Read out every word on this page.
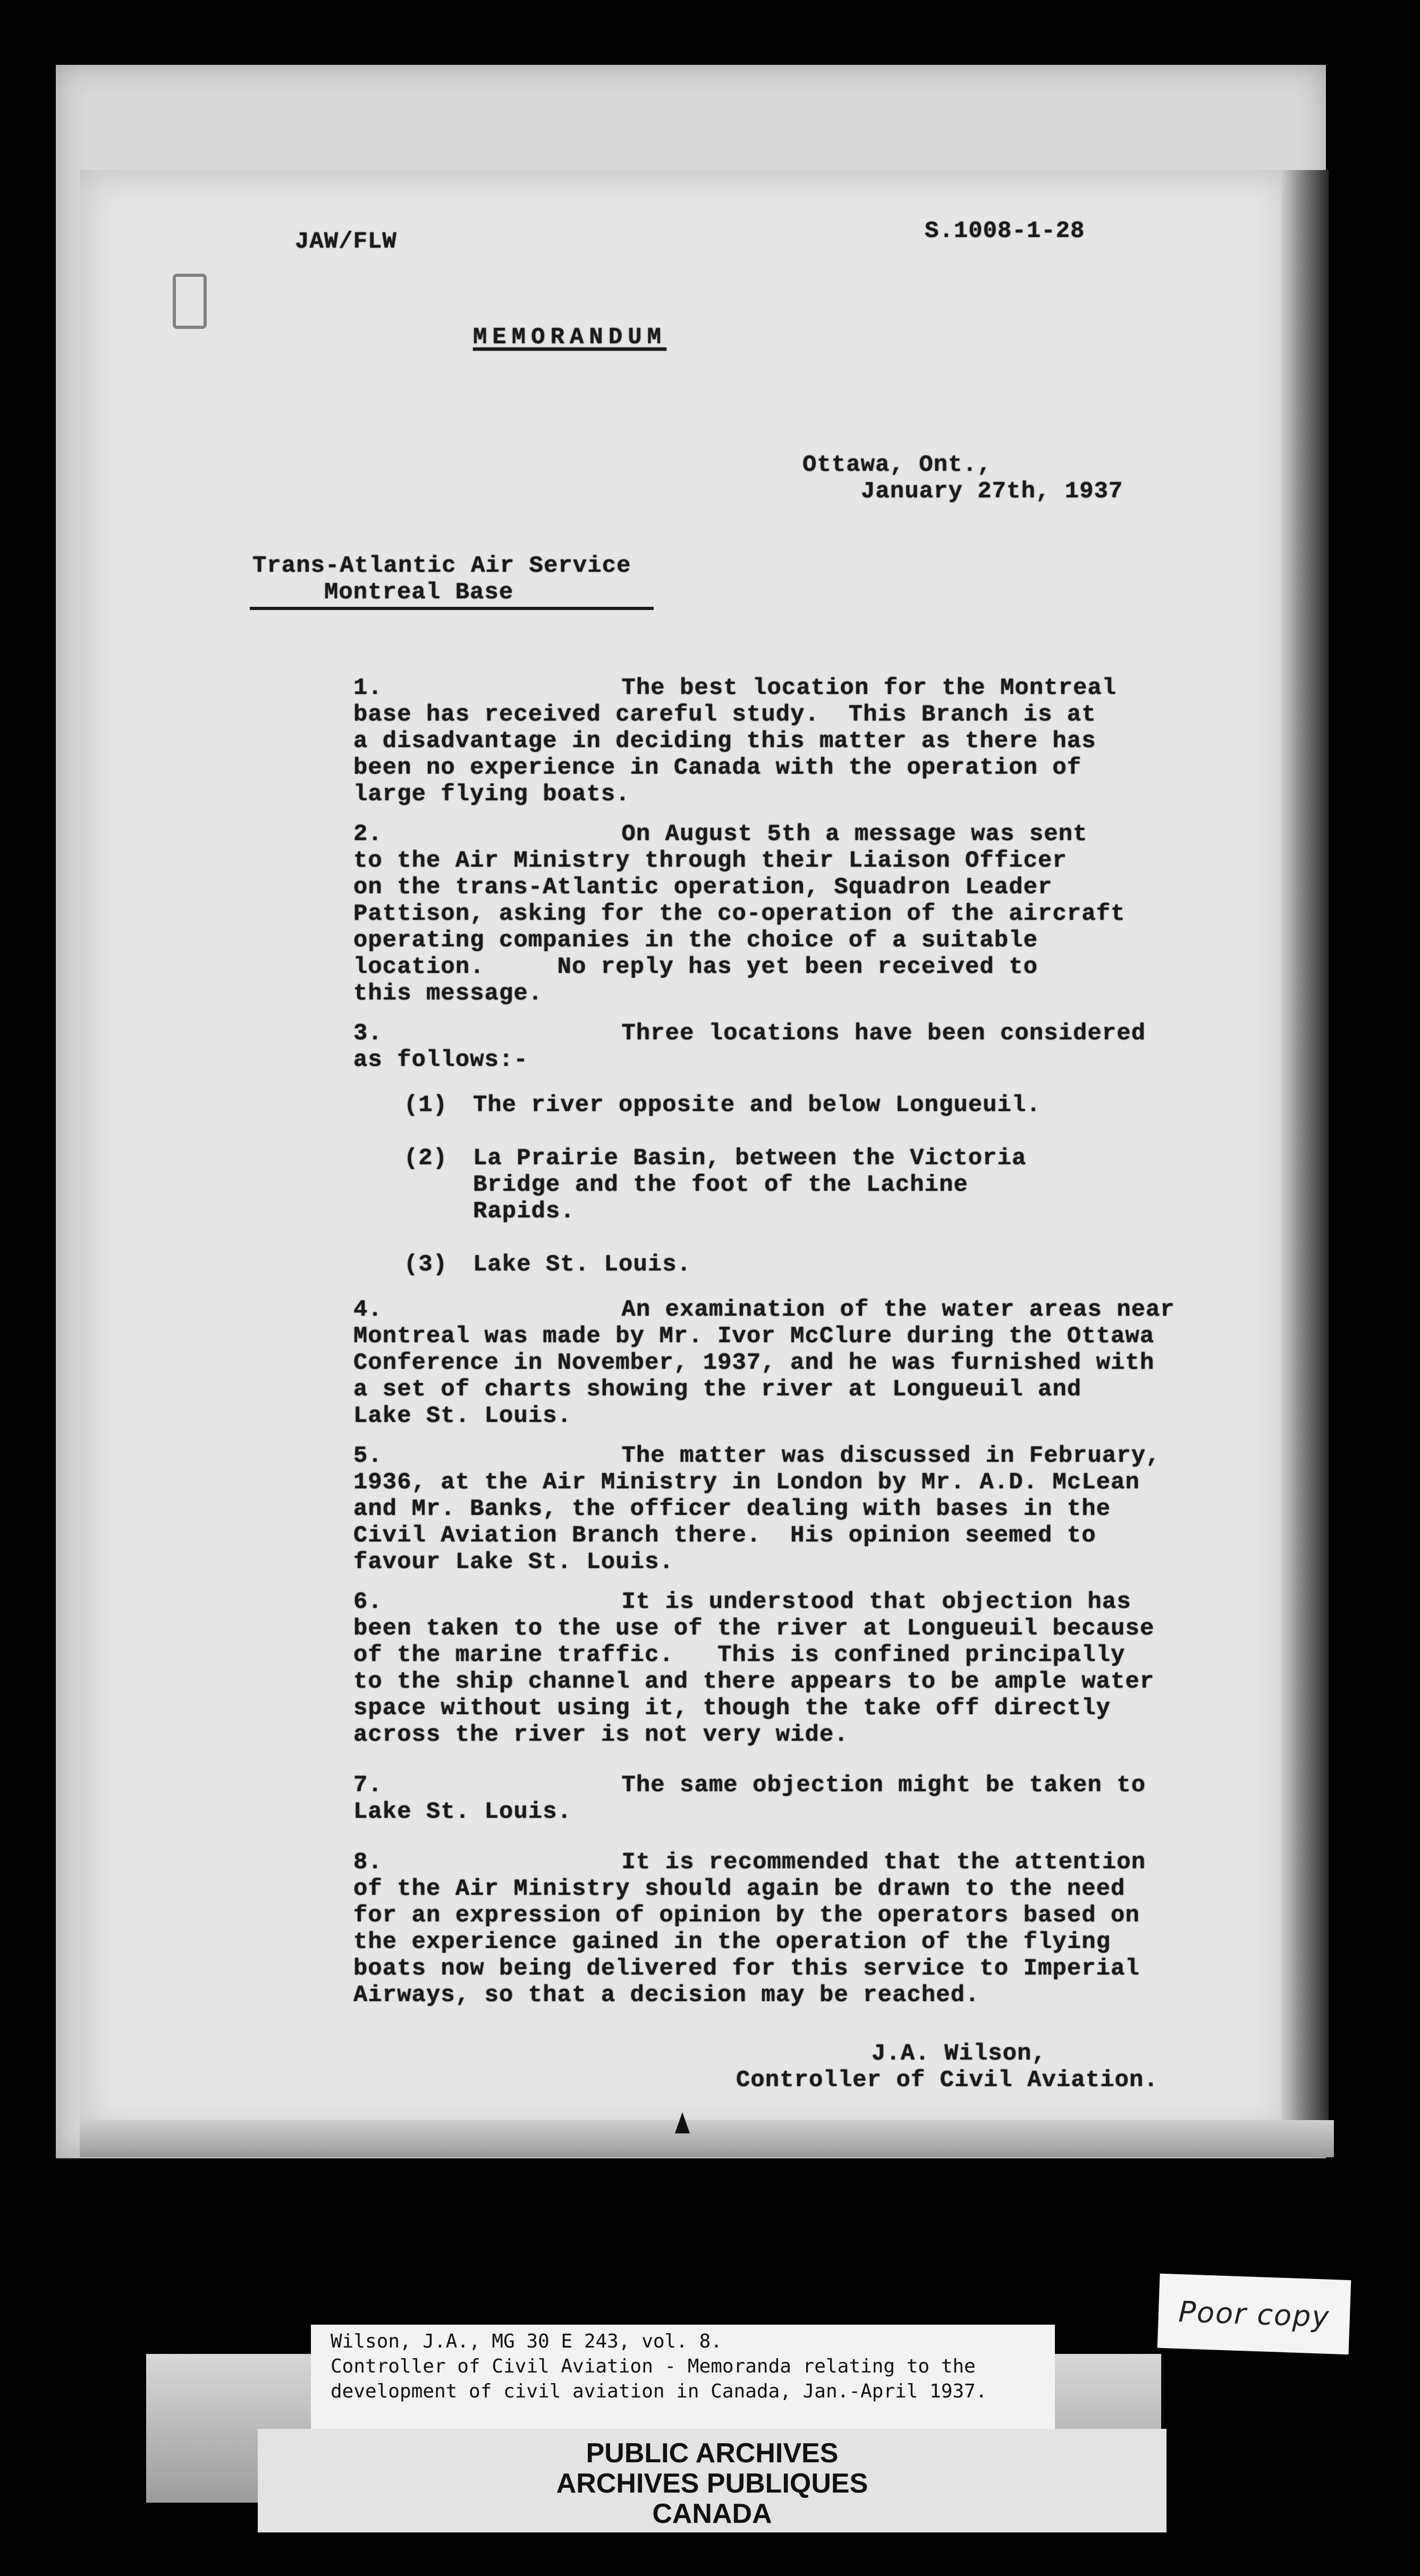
JAW/FLW	S.1008-1-28
MEMORANDUM
Ottawa, Ont.,
January 27th, 1937
Trans-Atlantic Air Service
Montreal Base
1. The best location for the Montreal
base has received careful study.  This Branch is at
a disadvantage in deciding this matter as there has
been no experience in Canada with the operation of
large flying boats.
2. On August 5th a message was sent
to the Air Ministry through their Liaison Officer
on the trans-Atlantic operation, Squadron Leader
Pattison, asking for the co-operation of the aircraft
operating companies in the choice of a suitable
location.     No reply has yet been received to
this message.
3. Three locations have been considered
as follows:-
4. An examination of the water areas near
Montreal was made by Mr. Ivor McClure during the Ottawa
Conference in November, 1937, and he was furnished with
a set of charts showing the river at Longueuil and
Lake St. Louis.
5. The matter was discussed in February,
1936, at the Air Ministry in London by Mr. A.D. McLean
and Mr. Banks, the officer dealing with bases in the
Civil Aviation Branch there.  His opinion seemed to
favour Lake St. Louis.
6. It is understood that objection has
been taken to the use of the river at Longueuil because
of the marine traffic.   This is confined principally
to the ship channel and there appears to be ample water
space without using it, though the take off directly
across the river is not very wide.
7. The same objection might be taken to
Lake St. Louis.
8. It is recommended that the attention
of the Air Ministry should again be drawn to the need
for an expression of opinion by the operators based on
the experience gained in the operation of the flying
boats now being delivered for this service to Imperial
Airways, so that a decision may be reached.
(1) The river opposite and below Longueuil.
(2) La Prairie Basin, between the Victoria
Bridge and the foot of the Lachine
Rapids.
(3) Lake St. Louis.
J.A. Wilson,
Controller of Civil Aviation.
Poor copy
Wilson, J.A., MG 30 E 243, vol. 8.
Controller of Civil Aviation - Memoranda relating to the
development of civil aviation in Canada, Jan.-April 1937.
PUBLIC ARCHIVES
ARCHIVES PUBLIQUES
CANADA
